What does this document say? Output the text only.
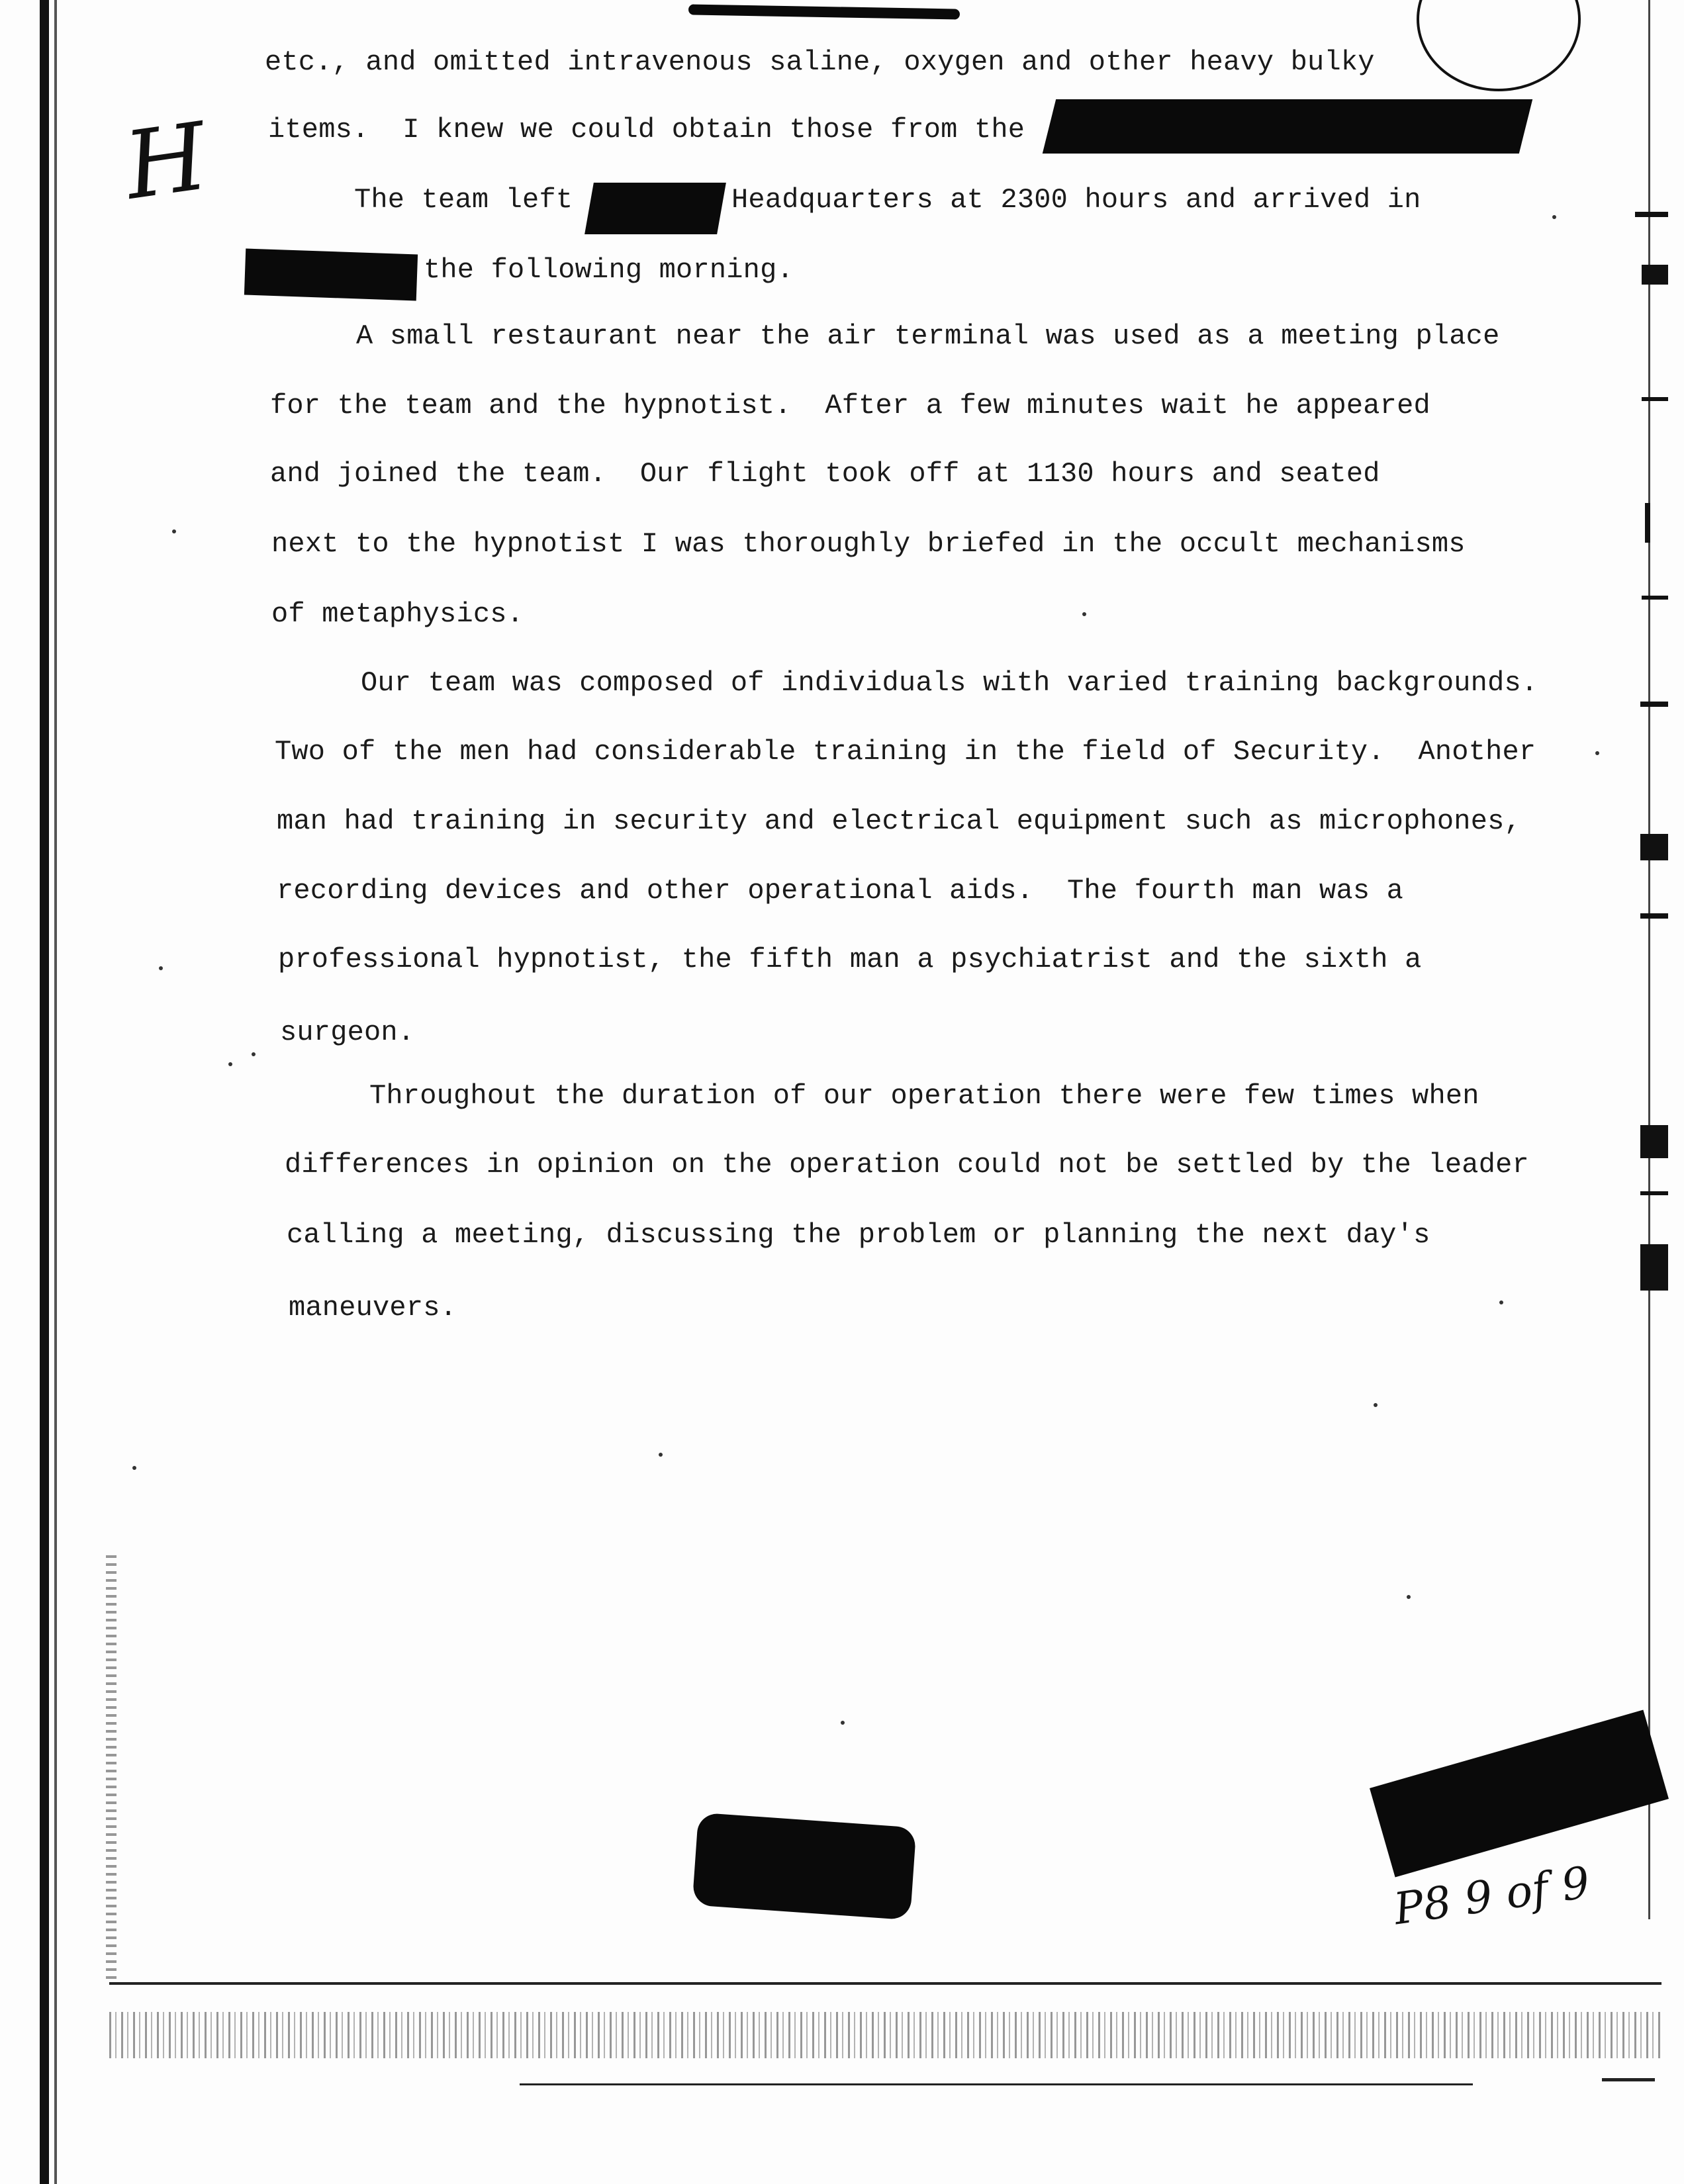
H
etc., and omitted intravenous saline, oxygen and other heavy bulky
items.  I knew we could obtain those from the
The team left	Headquarters at 2300 hours and arrived in
the following morning.
A small restaurant near the air terminal was used as a meeting place
for the team and the hypnotist.  After a few minutes wait he appeared
and joined the team.  Our flight took off at 1130 hours and seated
next to the hypnotist I was thoroughly briefed in the occult mechanisms
of metaphysics.
Our team was composed of individuals with varied training backgrounds.
Two of the men had considerable training in the field of Security.  Another
man had training in security and electrical equipment such as microphones,
recording devices and other operational aids.  The fourth man was a
professional hypnotist, the fifth man a psychiatrist and the sixth a
surgeon.
Throughout the duration of our operation there were few times when
differences in opinion on the operation could not be settled by the leader
calling a meeting, discussing the problem or planning the next day's
maneuvers.
P8 9 of 9
